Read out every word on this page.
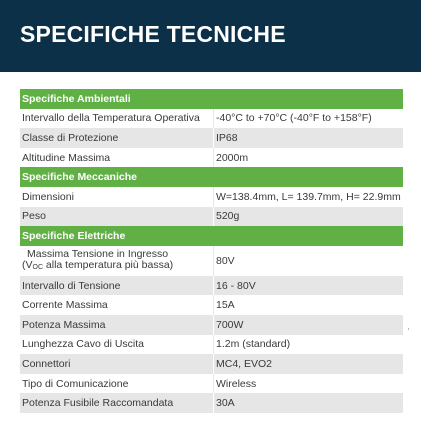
SPECIFICHE TECNICHE
Specifiche Ambientali
Intervallo della Temperatura Operativa -40°C to +70°C (-40°F to +158°F)
Classe di Protezione	IP68
Altitudine Massima	2000m
Specifiche Meccaniche
Dimensioni	W=138.4mm, L= 139.7mm, H= 22.9mm
Peso	520g
Specifiche Elettriche
Massima Tensione in Ingresso
($V_{OC}$ alla temperatura più bassa)	80V
Intervallo di Tensione	16 - 80V
Corrente Massima	15A
Potenza Massima	700W
Lunghezza Cavo di Uscita	1.2m (standard)
Connettori	MC4, EVO2
Tipo di Comunicazione	Wireless
Potenza Fusibile Raccomandata	30A
